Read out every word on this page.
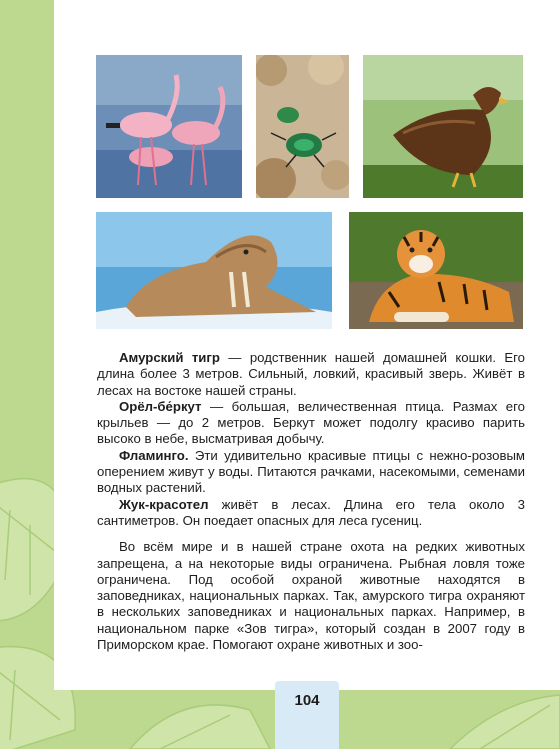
Амурский тигр — родственник нашей домашней кошки. Его длина более 3 метров. Сильный, ловкий, красивый зверь. Живёт в лесах на востоке нашей страны.

Орёл-бе́ркут — большая, величественная птица. Размах его крыльев — до 2 метров. Беркут может подолгу красиво парить высоко в небе, высматривая добычу.

Фламинго. Эти удивительно красивые птицы с нежно-розовым оперением живут у воды. Питаются рачками, насекомыми, семенами водных растений.

Жук-красотел живёт в лесах. Длина его тела около 3 сантиметров. Он поедает опасных для леса гусениц.

Во всём мире и в нашей стране охота на редких животных запрещена, а на некоторые виды ограничена. Рыбная ловля тоже ограничена. Под особой охраной животные находятся в заповедниках, национальных парках. Так, амурского тигра охраняют в нескольких заповедниках и национальных парках. Например, в национальном парке «Зов тигра», который создан в 2007 году в Приморском крае. Помогают охране животных и зоо-

104
